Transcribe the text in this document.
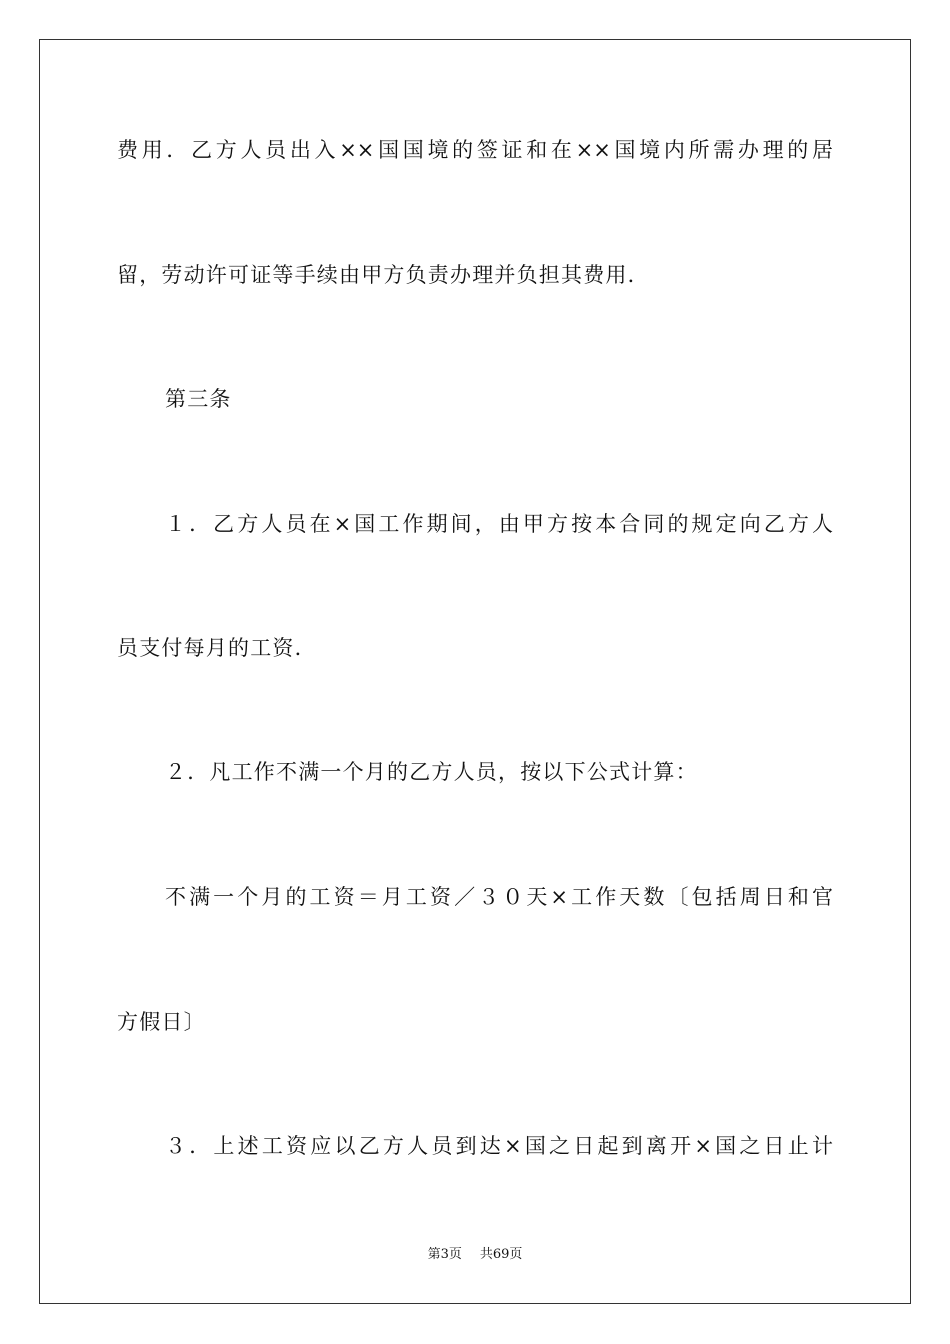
费用．乙方人员出入××国国境的签证和在××国境内所需办理的居
留，劳动许可证等手续由甲方负责办理并负担其费用．
第三条
１．乙方人员在×国工作期间，由甲方按本合同的规定向乙方人
员支付每月的工资．
２．凡工作不满一个月的乙方人员，按以下公式计算：
不满一个月的工资＝月工资／３０天×工作天数〔包括周日和官
方假日〕
３．上述工资应以乙方人员到达×国之日起到离开×国之日止计
第3页 共69页
